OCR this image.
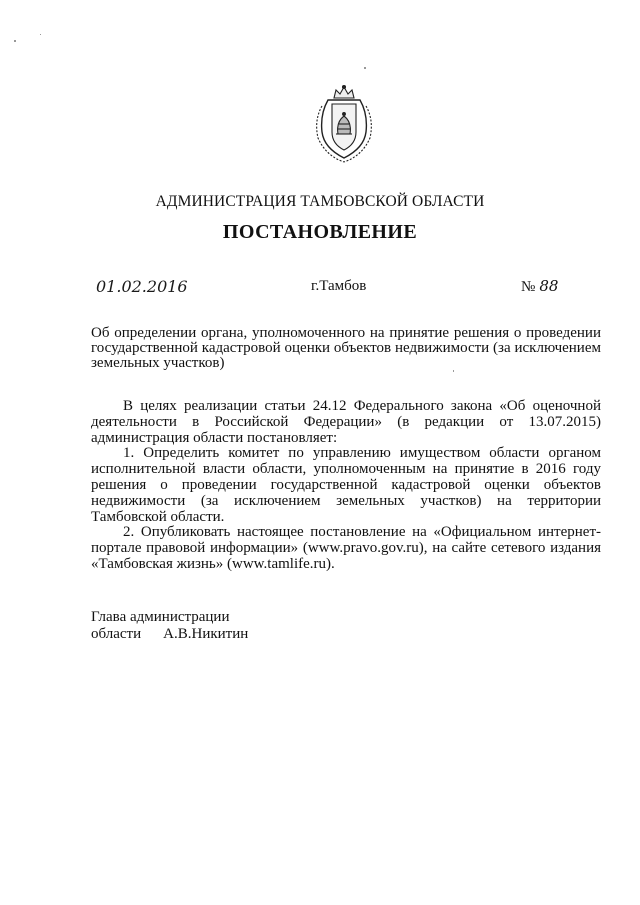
АДМИНИСТРАЦИЯ ТАМБОВСКОЙ ОБЛАСТИ
ПОСТАНОВЛЕНИЕ
01.02.2016	г.Тамбов	№ 88
Об определении органа, уполномоченного на принятие решения о проведении государственной кадастровой оценки объектов недвижимости (за исключением земельных участков)

В целях реализации статьи 24.12 Федерального закона «Об оценочной деятельности в Российской Федерации» (в редакции от 13.07.2015) администрация области постановляет:

1. Определить комитет по управлению имуществом области органом исполнительной власти области, уполномоченным на принятие в 2016 году решения о проведении государственной кадастровой оценки объектов недвижимости (за исключением земельных участков) на территории Тамбовской области.

2. Опубликовать настоящее постановление на «Официальном интернет-портале правовой информации» (www.pravo.gov.ru), на сайте сетевого издания «Тамбовская жизнь» (www.tamlife.ru).

Глава администрации
области А.В.Никитин
